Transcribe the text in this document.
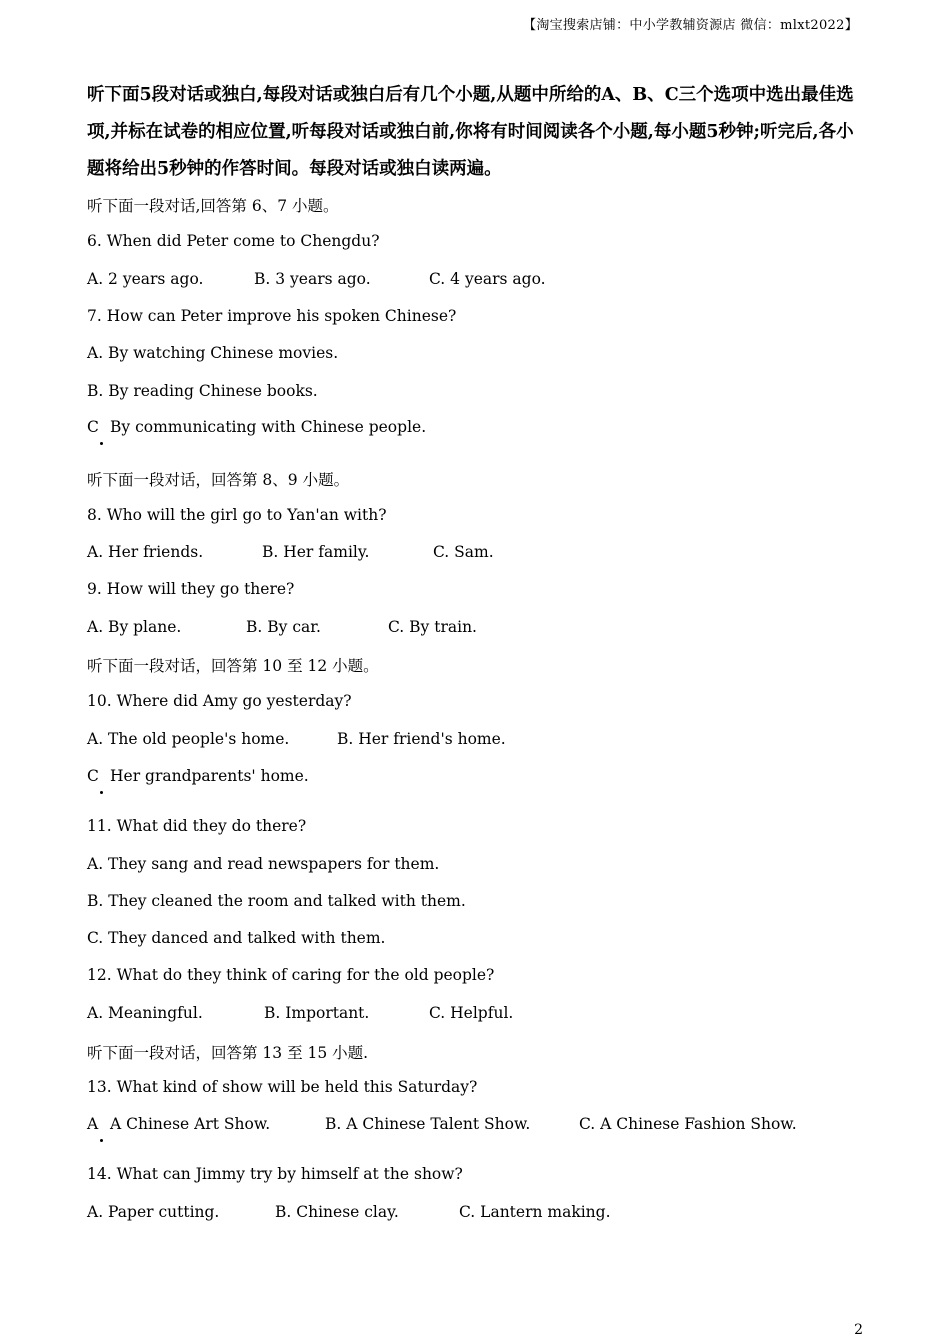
【淘宝搜索店铺：中小学教辅资源店 微信：mlxt2022】
听下面5段对话或独白,每段对话或独白后有几个小题,从题中所给的A、B、C三个选项中选出最佳选项,并标在试卷的相应位置,听每段对话或独白前,你将有时间阅读各个小题,每小题5秒钟;听完后,各小题将给出5秒钟的作答时间。每段对话或独白读两遍。
听下面一段对话,回答第 6、7 小题。
6. When did Peter come to Chengdu?
A. 2 years ago.	B. 3 years ago.	C. 4 years ago.
7. How can Peter improve his spoken Chinese?
A. By watching Chinese movies.
B. By reading Chinese books.
C By communicating with Chinese people.
听下面一段对话，回答第 8、9 小题。
8. Who will the girl go to Yan'an with?
A. Her friends.	B. Her family.	C. Sam.
9. How will they go there?
A. By plane.	B. By car.	C. By train.
听下面一段对话，回答第 10 至 12 小题。
10. Where did Amy go yesterday?
A. The old people's home.	B. Her friend's home.
C Her grandparents' home.
11. What did they do there?
A. They sang and read newspapers for them.
B. They cleaned the room and talked with them.
C. They danced and talked with them.
12. What do they think of caring for the old people?
A. Meaningful.	B. Important.	C. Helpful.
听下面一段对话，回答第 13 至 15 小题.
13. What kind of show will be held this Saturday?
A A Chinese Art Show.	B. A Chinese Talent Show.	C. A Chinese Fashion Show.
14. What can Jimmy try by himself at the show?
A. Paper cutting.	B. Chinese clay.	C. Lantern making.
2
